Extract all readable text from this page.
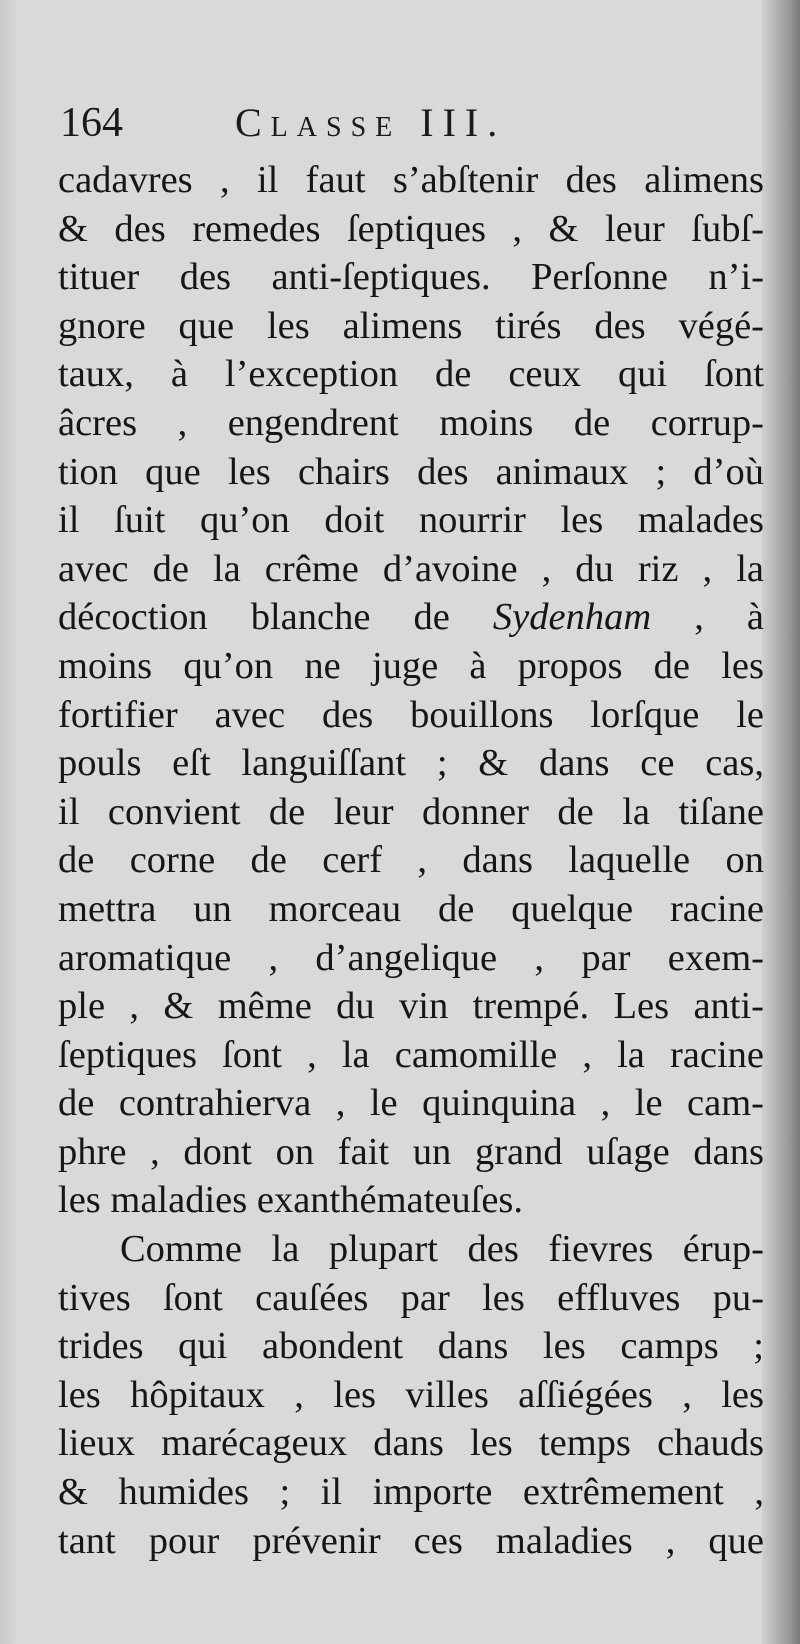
164	Classe III.
cadavres , il faut s’abſtenir des alimens
& des remedes ſeptiques , & leur ſubſ-
tituer des anti-ſeptiques. Perſonne n’i-
gnore que les alimens tirés des végé-
taux, à l’exception de ceux qui ſont
âcres , engendrent moins de corrup-
tion que les chairs des animaux ; d’où
il ſuit qu’on doit nourrir les malades
avec de la crême d’avoine , du riz , la
décoction blanche de Sydenham , à
moins qu’on ne juge à propos de les
fortifier avec des bouillons lorſque le
pouls eſt languiſſant ; & dans ce cas,
il convient de leur donner de la tiſane
de corne de cerf , dans laquelle on
mettra un morceau de quelque racine
aromatique , d’angelique , par exem-
ple , & même du vin trempé. Les anti-
ſeptiques ſont , la camomille , la racine
de contrahierva , le quinquina , le cam-
phre , dont on fait un grand uſage dans
les maladies exanthémateuſes.
Comme la plupart des fievres érup-
tives ſont cauſées par les effluves pu-
trides qui abondent dans les camps ;
les hôpitaux , les villes aſſiégées , les
lieux marécageux dans les temps chauds
& humides ; il importe extrêmement ,
tant pour prévenir ces maladies , que
